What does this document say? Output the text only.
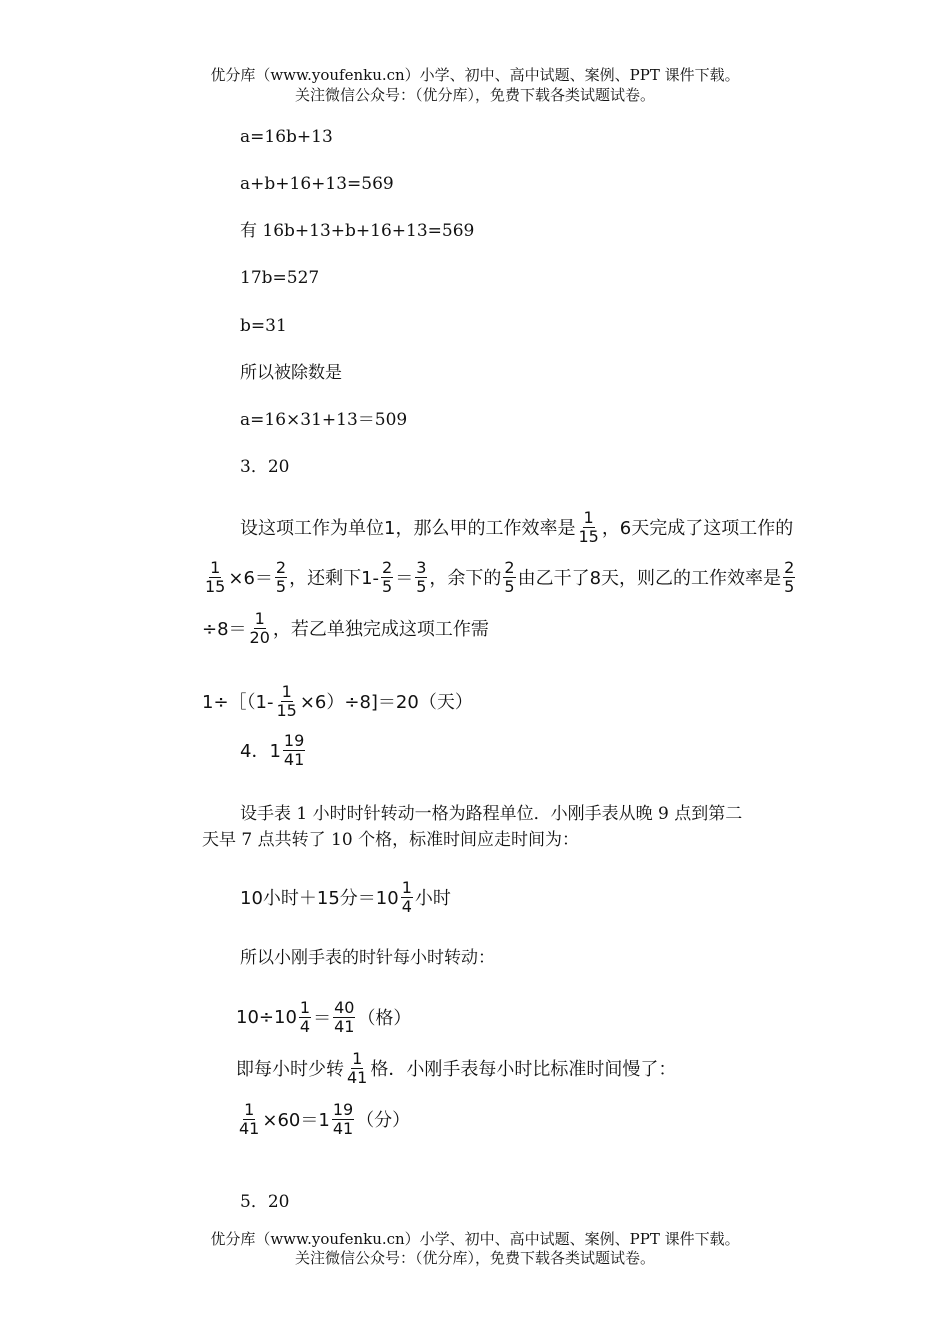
优分库（www.youfenku.cn）小学、初中、高中试题、案例、PPT 课件下载。
关注微信公众号：（优分库），免费下载各类试题试卷。
a=16b+13
a+b+16+13=569
有 16b+13+b+16+13=569
17b=527
b=31
所以被除数是
a=16×31+13＝509
3．20
设这项工作为单位1，那么甲的工作效率是 $\frac{1}{15}$ ，6天完成了这项工作的
$\frac{1}{15} \times 6= \frac{2}{5}$ ，还剩下$1- \frac{2}{5} = \frac{3}{5}$ ，余下的 $\frac{2}{5}$ 由乙干了8天，则乙的工作效率是 $\frac{2}{5}$
$\div 8= \frac{1}{20}$ ，若乙单独完成这项工作需
1÷［（1- $\frac{1}{15} \times 6)\div 8]=20$（天）
4．$1 \frac{19}{41}$
设手表 1 小时时针转动一格为路程单位．小刚手表从晚 9 点到第二
天早 7 点共转了 10 个格，标准时间应走时间为：
10小时＋15分$=10 \frac{1}{4}$ 小时
所以小刚手表的时针每小时转动：
$10\div 10 \frac{1}{4} = \frac{40}{41}$ （格）
即每小时少转 $\frac{1}{41}$ 格．小刚手表每小时比标准时间慢了：
$\frac{1}{41} \times 60=1 \frac{19}{41}$ （分）
5．20
优分库（www.youfenku.cn）小学、初中、高中试题、案例、PPT 课件下载。
关注微信公众号：（优分库），免费下载各类试题试卷。
